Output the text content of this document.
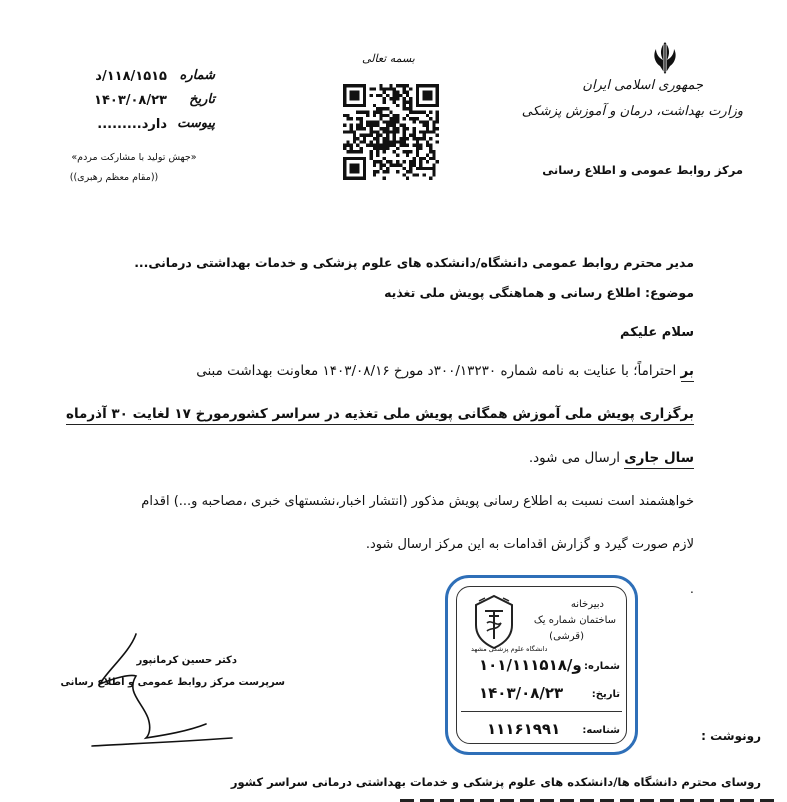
شماره
۱۱۸/۱۵۱۵/د
تاریخ
۱۴۰۳/۰۸/۲۳
پیوست
دارد.........
«جهش تولید با مشارکت مردم»
((مقام معظم رهبری))
بسمه تعالی
جمهوری اسلامی ایران
وزارت بهداشت، درمان و آموزش پزشکی
مرکز روابط عمومی و اطلاع رسانی
مدیر محترم روابط عمومی دانشگاه/دانشکده های علوم پزشکی و خدمات بهداشتی درمانی...
موضوع: اطلاع رسانی و هماهنگی پویش ملی تغذیه
سلام علیکم
بر احتراماً؛ با عنایت به نامه شماره ۳۰۰/۱۳۲۳۰د مورخ ۱۴۰۳/۰۸/۱۶ معاونت بهداشت مبنی
برگزاری پویش ملی آموزش همگانی پویش ملی تغذیه در سراسر کشورمورخ ۱۷ لغایت ۳۰ آذرماه
سال جاری ارسال می شود.
خواهشمند است نسبت به اطلاع رسانی پویش مذکور (انتشار اخبار،نشستهای خبری ،مصاحبه و...) اقدام
لازم صورت گیرد و گزارش اقدامات به این مرکز ارسال شود.
.
دکتر حسین کرمانپور
سرپرست مرکز روابط عمومی و اطلاع رسانی
دانشگاه علوم پزشکی مشهد
دبیرخانه
ساختمان شماره یک
(قرشی)
شماره:
۱۰۱/و/۱۱۱۵۱۸
تاریخ:
۱۴۰۳/۰۸/۲۳
شناسه:
۱۱۱۶۱۹۹۱	رونوشت :
روسای محترم دانشگاه ها/دانشکده های علوم پزشکی و خدمات بهداشتی درمانی سراسر کشور
